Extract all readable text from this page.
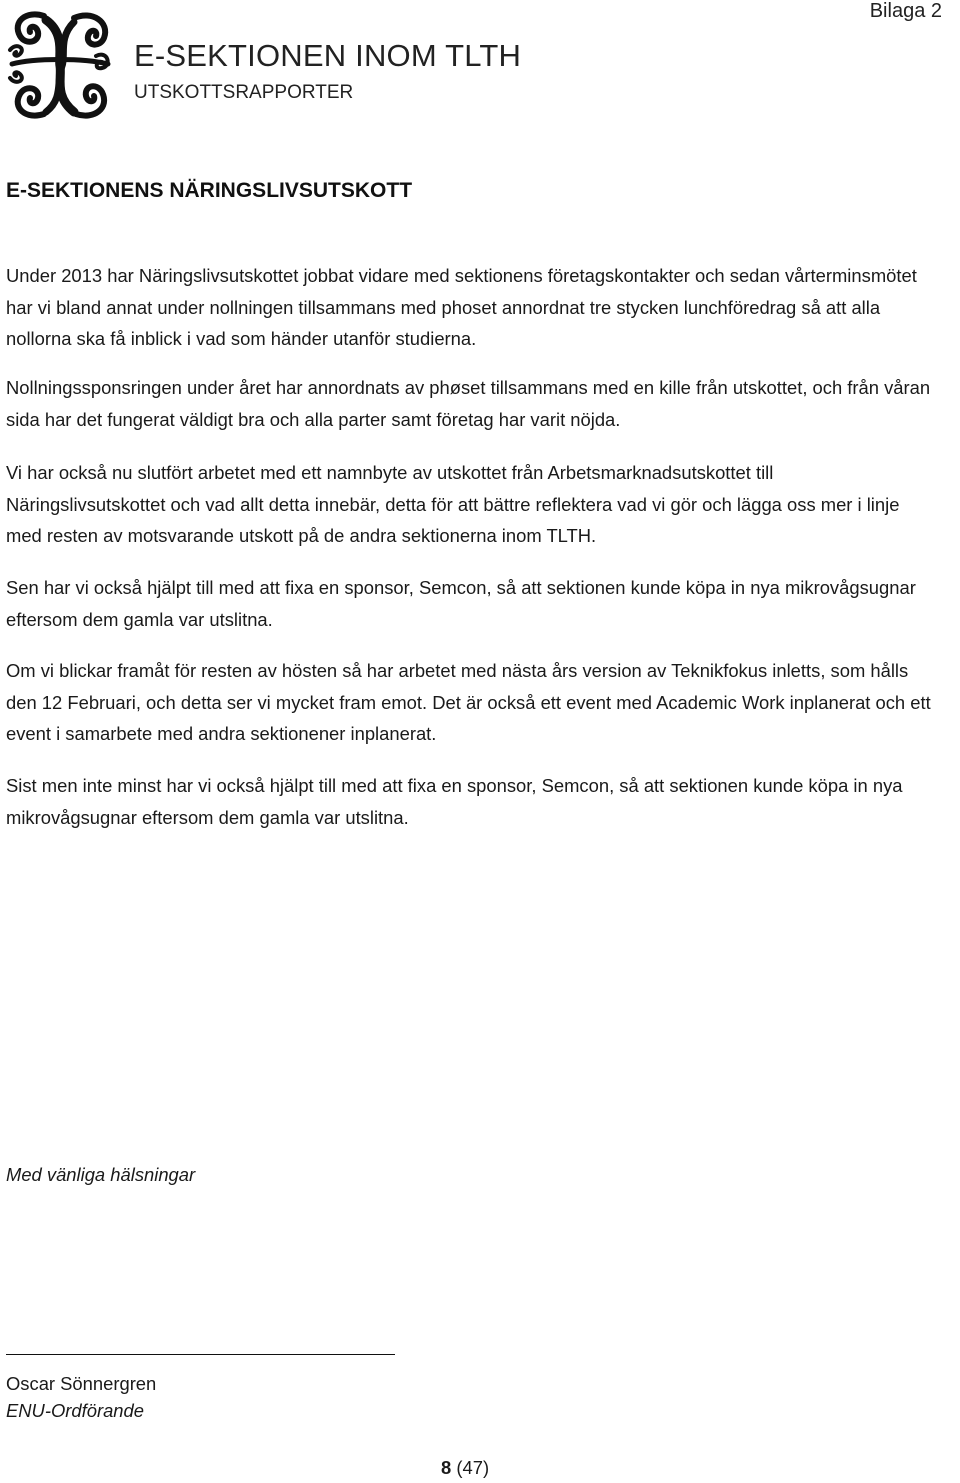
Bilaga 2
E-SEKTIONEN INOM TLTH
UTSKOTTSRAPPORTER
E-SEKTIONENS NÄRINGSLIVSUTSKOTT

Under 2013 har Näringslivsutskottet jobbat vidare med sektionens företagskontakter och sedan vårterminsmötet har vi bland annat under nollningen tillsammans med phoset annordnat tre stycken lunchföredrag så att alla nollorna ska få inblick i vad som händer utanför studierna.

Nollningssponsringen under året har annordnats av phøset tillsammans med en kille från utskottet, och från våran sida har det fungerat väldigt bra och alla parter samt företag har varit nöjda.

Vi har också nu slutfört arbetet med ett namnbyte av utskottet från Arbetsmarknadsutskottet till Näringslivsutskottet och vad allt detta innebär, detta för att bättre reflektera vad vi gör och lägga oss mer i linje med resten av motsvarande utskott på de andra sektionerna inom TLTH.

Sen har vi också hjälpt till med att fixa en sponsor, Semcon, så att sektionen kunde köpa in nya mikrovågsugnar eftersom dem gamla var utslitna.

Om vi blickar framåt för resten av hösten så har arbetet med nästa års version av Teknikfokus inletts, som hålls den 12 Februari, och detta ser vi mycket fram emot. Det är också ett event med Academic Work inplanerat och ett event i samarbete med andra sektionener inplanerat.

Sist men inte minst har vi också hjälpt till med att fixa en sponsor, Semcon, så att sektionen kunde köpa in nya mikrovågsugnar eftersom dem gamla var utslitna.

Med vänliga hälsningar
Oscar Sönnergren
ENU-Ordförande
8 (47)
